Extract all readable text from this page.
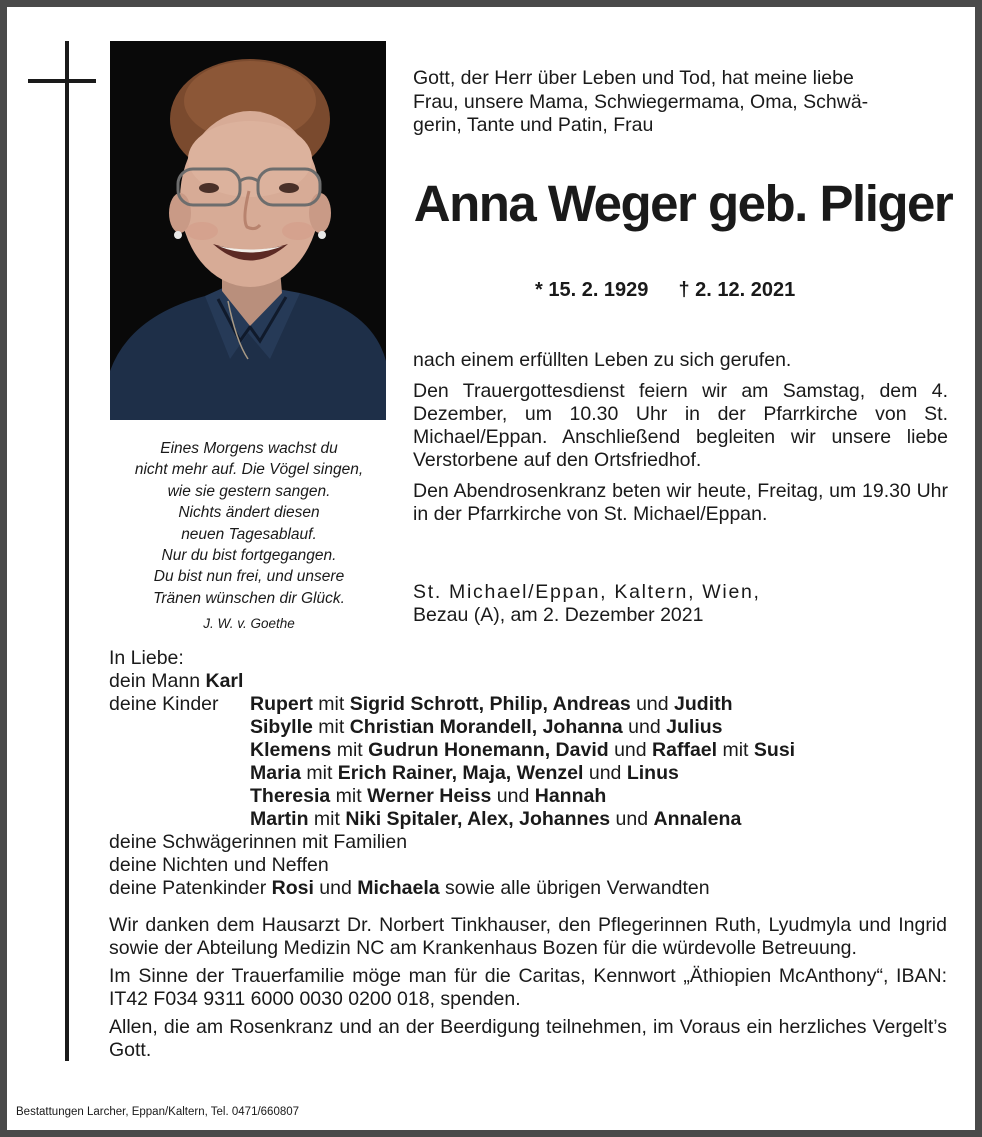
Eines Morgens wachst du
nicht mehr auf. Die Vögel singen,
wie sie gestern sangen.
Nichts ändert diesen
neuen Tagesablauf.
Nur du bist fortgegangen.
Du bist nun frei, und unsere
Tränen wünschen dir Glück.
J. W. v. Goethe
Gott, der Herr über Leben und Tod, hat meine liebe
Frau, unsere Mama, Schwiegermama, Oma, Schwä-
gerin, Tante und Patin, Frau
Anna Weger geb. Pliger
* 15. 2. 1929 † 2. 12. 2021

nach einem erfüllten Leben zu sich gerufen.

Den Trauergottesdienst feiern wir am Samstag, dem 4. Dezember, um 10.30 Uhr in der Pfarrkirche von St. Michael/Eppan. Anschließend begleiten wir unsere liebe Verstorbene auf den Ortsfriedhof.

Den Abendrosenkranz beten wir heute, Freitag, um 19.30 Uhr in der Pfarrkirche von St. Michael/Eppan.

St. Michael/Eppan, Kaltern, Wien,
Bezau (A), am 2. Dezember 2021
In Liebe:
dein Mann Karl
deine Kinder	Rupert mit Sigrid Schrott, Philip, Andreas und Judith
Sibylle mit Christian Morandell, Johanna und Julius
Klemens mit Gudrun Honemann, David und Raffael mit Susi
Maria mit Erich Rainer, Maja, Wenzel und Linus
Theresia mit Werner Heiss und Hannah
Martin mit Niki Spitaler, Alex, Johannes und Annalena
deine Schwägerinnen mit Familien
deine Nichten und Neffen
deine Patenkinder Rosi und Michaela sowie alle übrigen Verwandten

Wir danken dem Hausarzt Dr. Norbert Tinkhauser, den Pflegerinnen Ruth, Lyudmyla und Ingrid sowie der Abteilung Medizin NC am Krankenhaus Bozen für die würdevolle Betreuung.

Im Sinne der Trauerfamilie möge man für die Caritas, Kennwort „Äthiopien McAnthony“, IBAN: IT42 F034 9311 6000 0030 0200 018, spenden.

Allen, die am Rosenkranz und an der Beerdigung teilnehmen, im Voraus ein herzliches Vergelt’s Gott.

Bestattungen Larcher, Eppan/Kaltern, Tel. 0471/660807
